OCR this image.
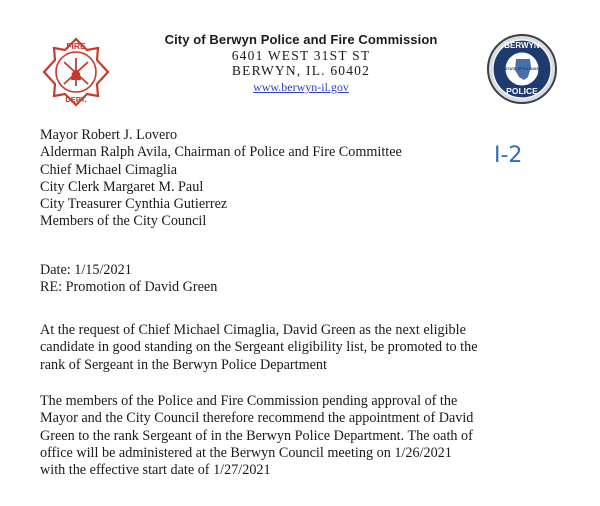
FIRE
DEPT.
City of Berwyn Police and Fire Commission
6401 WEST 31ST ST
BERWYN, IL. 60402
www.berwyn-il.gov
BERWYN
STATE OF ILLINOIS
POLICE
I-2
Mayor Robert J. Lovero
Alderman Ralph Avila, Chairman of Police and Fire Committee
Chief Michael Cimaglia
City Clerk Margaret M. Paul
City Treasurer Cynthia Gutierrez
Members of the City Council
Date: 1/15/2021
RE: Promotion of David Green
At the request of Chief Michael Cimaglia, David Green as the next eligible
candidate in good standing on the Sergeant eligibility list, be promoted to the
rank of Sergeant in the Berwyn Police Department
The members of the Police and Fire Commission pending approval of the
Mayor and the City Council therefore recommend the appointment of David
Green to the rank Sergeant of in the Berwyn Police Department. The oath of
office will be administered at the Berwyn Council meeting on 1/26/2021
with the effective start date of 1/27/2021
